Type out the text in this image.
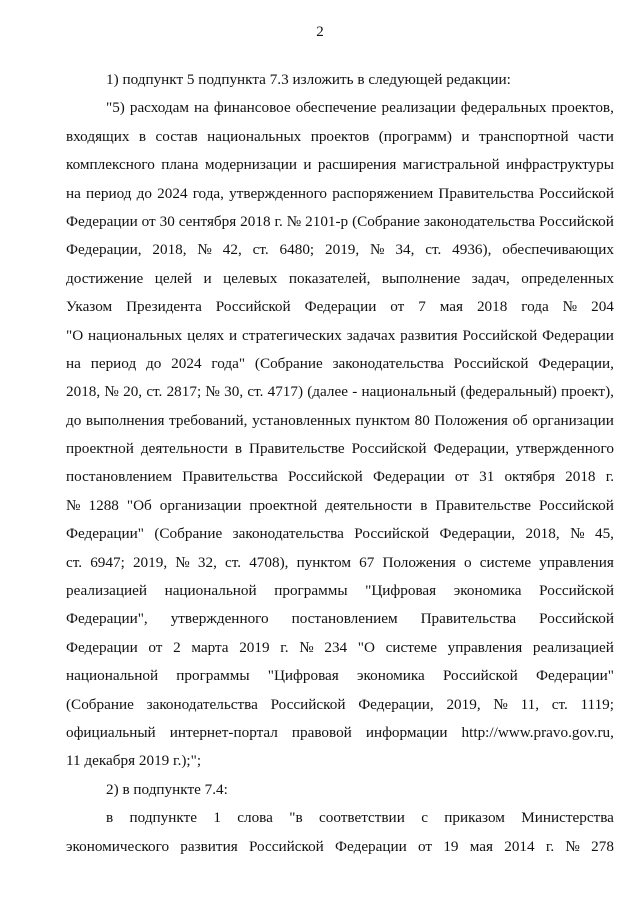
2
1) подпункт 5 подпункта 7.3 изложить в следующей редакции:
"5) расходам на финансовое обеспечение реализации федеральных проектов,
входящих в состав национальных проектов (программ) и транспортной части
комплексного плана модернизации и расширения магистральной инфраструктуры
на период до 2024 года, утвержденного распоряжением Правительства Российской
Федерации от 30 сентября 2018 г. № 2101-р (Собрание законодательства Российской
Федерации, 2018, № 42, ст. 6480; 2019, № 34, ст. 4936), обеспечивающих
достижение целей и целевых показателей, выполнение задач, определенных
Указом Президента Российской Федерации от 7 мая 2018 года № 204
"О национальных целях и стратегических задачах развития Российской Федерации
на период до 2024 года" (Собрание законодательства Российской Федерации,
2018, № 20, ст. 2817; № 30, ст. 4717) (далее - национальный (федеральный) проект),
до выполнения требований, установленных пунктом 80 Положения об организации
проектной деятельности в Правительстве Российской Федерации, утвержденного
постановлением Правительства Российской Федерации от 31 октября 2018 г.
№ 1288 "Об организации проектной деятельности в Правительстве Российской
Федерации" (Собрание законодательства Российской Федерации, 2018, № 45,
ст. 6947; 2019, № 32, ст. 4708), пунктом 67 Положения о системе управления
реализацией национальной программы "Цифровая экономика Российской
Федерации", утвержденного постановлением Правительства Российской
Федерации от 2 марта 2019 г. № 234 "О системе управления реализацией
национальной программы "Цифровая экономика Российской Федерации"
(Собрание законодательства Российской Федерации, 2019, № 11, ст. 1119;
официальный интернет-портал правовой информации http://www.pravo.gov.ru,
11 декабря 2019 г.);";
2) в подпункте 7.4:
в подпункте 1 слова "в соответствии с приказом Министерства
экономического развития Российской Федерации от 19 мая 2014 г. № 278
